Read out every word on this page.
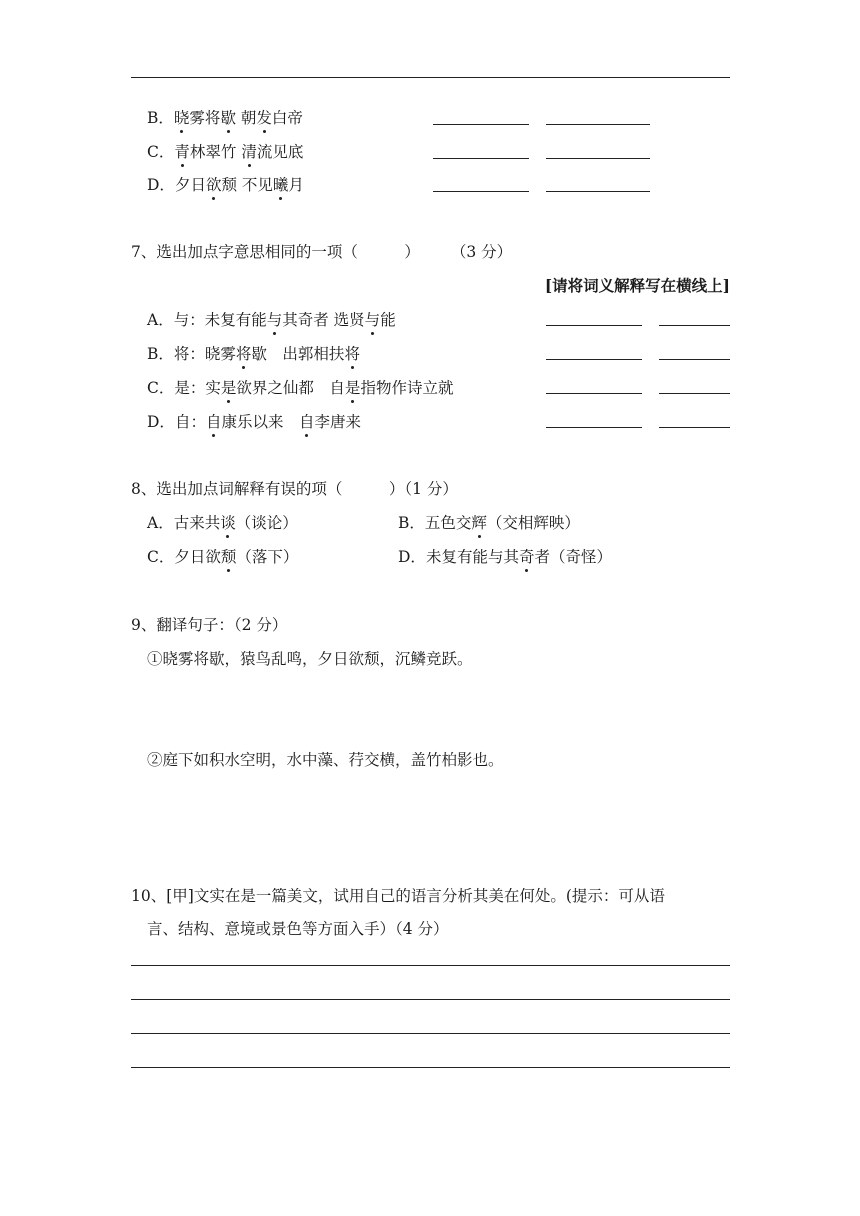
B．晓雾将歇 朝发白帝
C．青林翠竹 清流见底
D．夕日欲颓 不见曦月
7、选出加点字意思相同的一项（　　　）　　　（3 分）
[请将词义解释写在横线上]
A．与：未复有能与其奇者 选贤与能
B．将：晓雾将歇　出郭相扶将
C．是：实是欲界之仙都　自是指物作诗立就
D．自：自康乐以来　自李唐来
8、选出加点词解释有误的项（　　　）（1 分）
A．古来共谈（谈论）	B．五色交辉（交相辉映）
C．夕日欲颓（落下）	D．未复有能与其奇者（奇怪）
9、翻译句子：（2 分）
①晓雾将歇，猿鸟乱鸣，夕日欲颓，沉鳞竞跃。
②庭下如积水空明，水中藻、荇交横，盖竹柏影也。
10、[甲]文实在是一篇美文，试用自己的语言分析其美在何处。(提示：可从语
言、结构、意境或景色等方面入手）（4 分）
